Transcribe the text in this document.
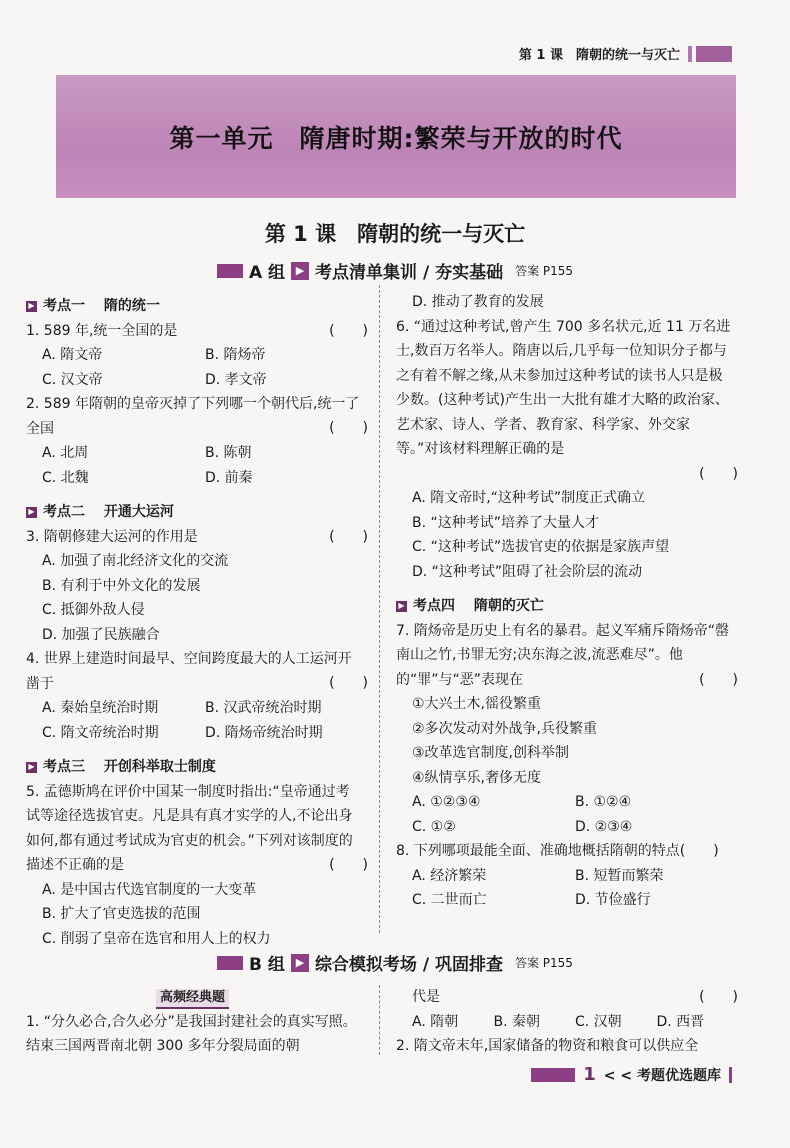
第 1 课　隋朝的统一与灭亡
第一单元　隋唐时期:繁荣与开放的时代
第 1 课　隋朝的统一与灭亡
A 组 ▶ 考点清单集训 / 夯实基础 答案 P155
▶ 考点一　 隋的统一
1. 589 年,统一全国的是	(　　)
A. 隋文帝	B. 隋炀帝
C. 汉文帝	D. 孝文帝
2. 589 年隋朝的皇帝灭掉了下列哪一个朝代后,统一了全国	(　　)
A. 北周	B. 陈朝
C. 北魏	D. 前秦
▶ 考点二　 开通大运河
3. 隋朝修建大运河的作用是	(　　)
A. 加强了南北经济文化的交流
B. 有利于中外文化的发展
C. 抵御外敌人侵
D. 加强了民族融合
4. 世界上建造时间最早、空间跨度最大的人工运河开凿于	(　　)
A. 秦始皇统治时期	B. 汉武帝统治时期
C. 隋文帝统治时期	D. 隋炀帝统治时期
▶ 考点三　 开创科举取士制度
5. 孟德斯鸠在评价中国某一制度时指出:“皇帝通过考试等途径选拔官吏。凡是具有真才实学的人,不论出身如何,都有通过考试成为官吏的机会。”下列对该制度的描述不正确的是	(　　)
A. 是中国古代选官制度的一大变革
B. 扩大了官吏选拔的范围
C. 削弱了皇帝在选官和用人上的权力
D. 推动了教育的发展
6. “通过这种考试,曾产生 700 多名状元,近 11 万名进士,数百万名举人。隋唐以后,几乎每一位知识分子都与之有着不解之缘,从未参加过这种考试的读书人只是极少数。(这种考试)产生出一大批有雄才大略的政治家、艺术家、诗人、学者、教育家、科学家、外交家等。”对该材料理解正确的是
(　　)
A. 隋文帝时,“这种考试”制度正式确立
B. “这种考试”培养了大量人才
C. “这种考试”选拔官吏的依据是家族声望
D. “这种考试”阻碍了社会阶层的流动
▶ 考点四　 隋朝的灭亡
7. 隋炀帝是历史上有名的暴君。起义军痛斥隋炀帝“罄南山之竹,书罪无穷;决东海之波,流恶难尽”。他的“罪”与“恶”表现在	(　　)
①大兴土木,徭役繁重
②多次发动对外战争,兵役繁重
③改革选官制度,创科举制
④纵情享乐,奢侈无度
A. ①②③④	B. ①②④
C. ①②	D. ②③④
8. 下列哪项最能全面、准确地概括隋朝的特点(　　)
A. 经济繁荣	B. 短暂而繁荣
C. 二世而亡	D. 节俭盛行
B 组 ▶ 综合模拟考场 / 巩固排查 答案 P155
高频经典题
1. “分久必合,合久必分”是我国封建社会的真实写照。结束三国两晋南北朝 300 多年分裂局面的朝
代是	(　　)
A. 隋朝	B. 秦朝	C. 汉朝	D. 西晋
2. 隋文帝末年,国家储备的物资和粮食可以供应全
1 < < 考题优选题库
